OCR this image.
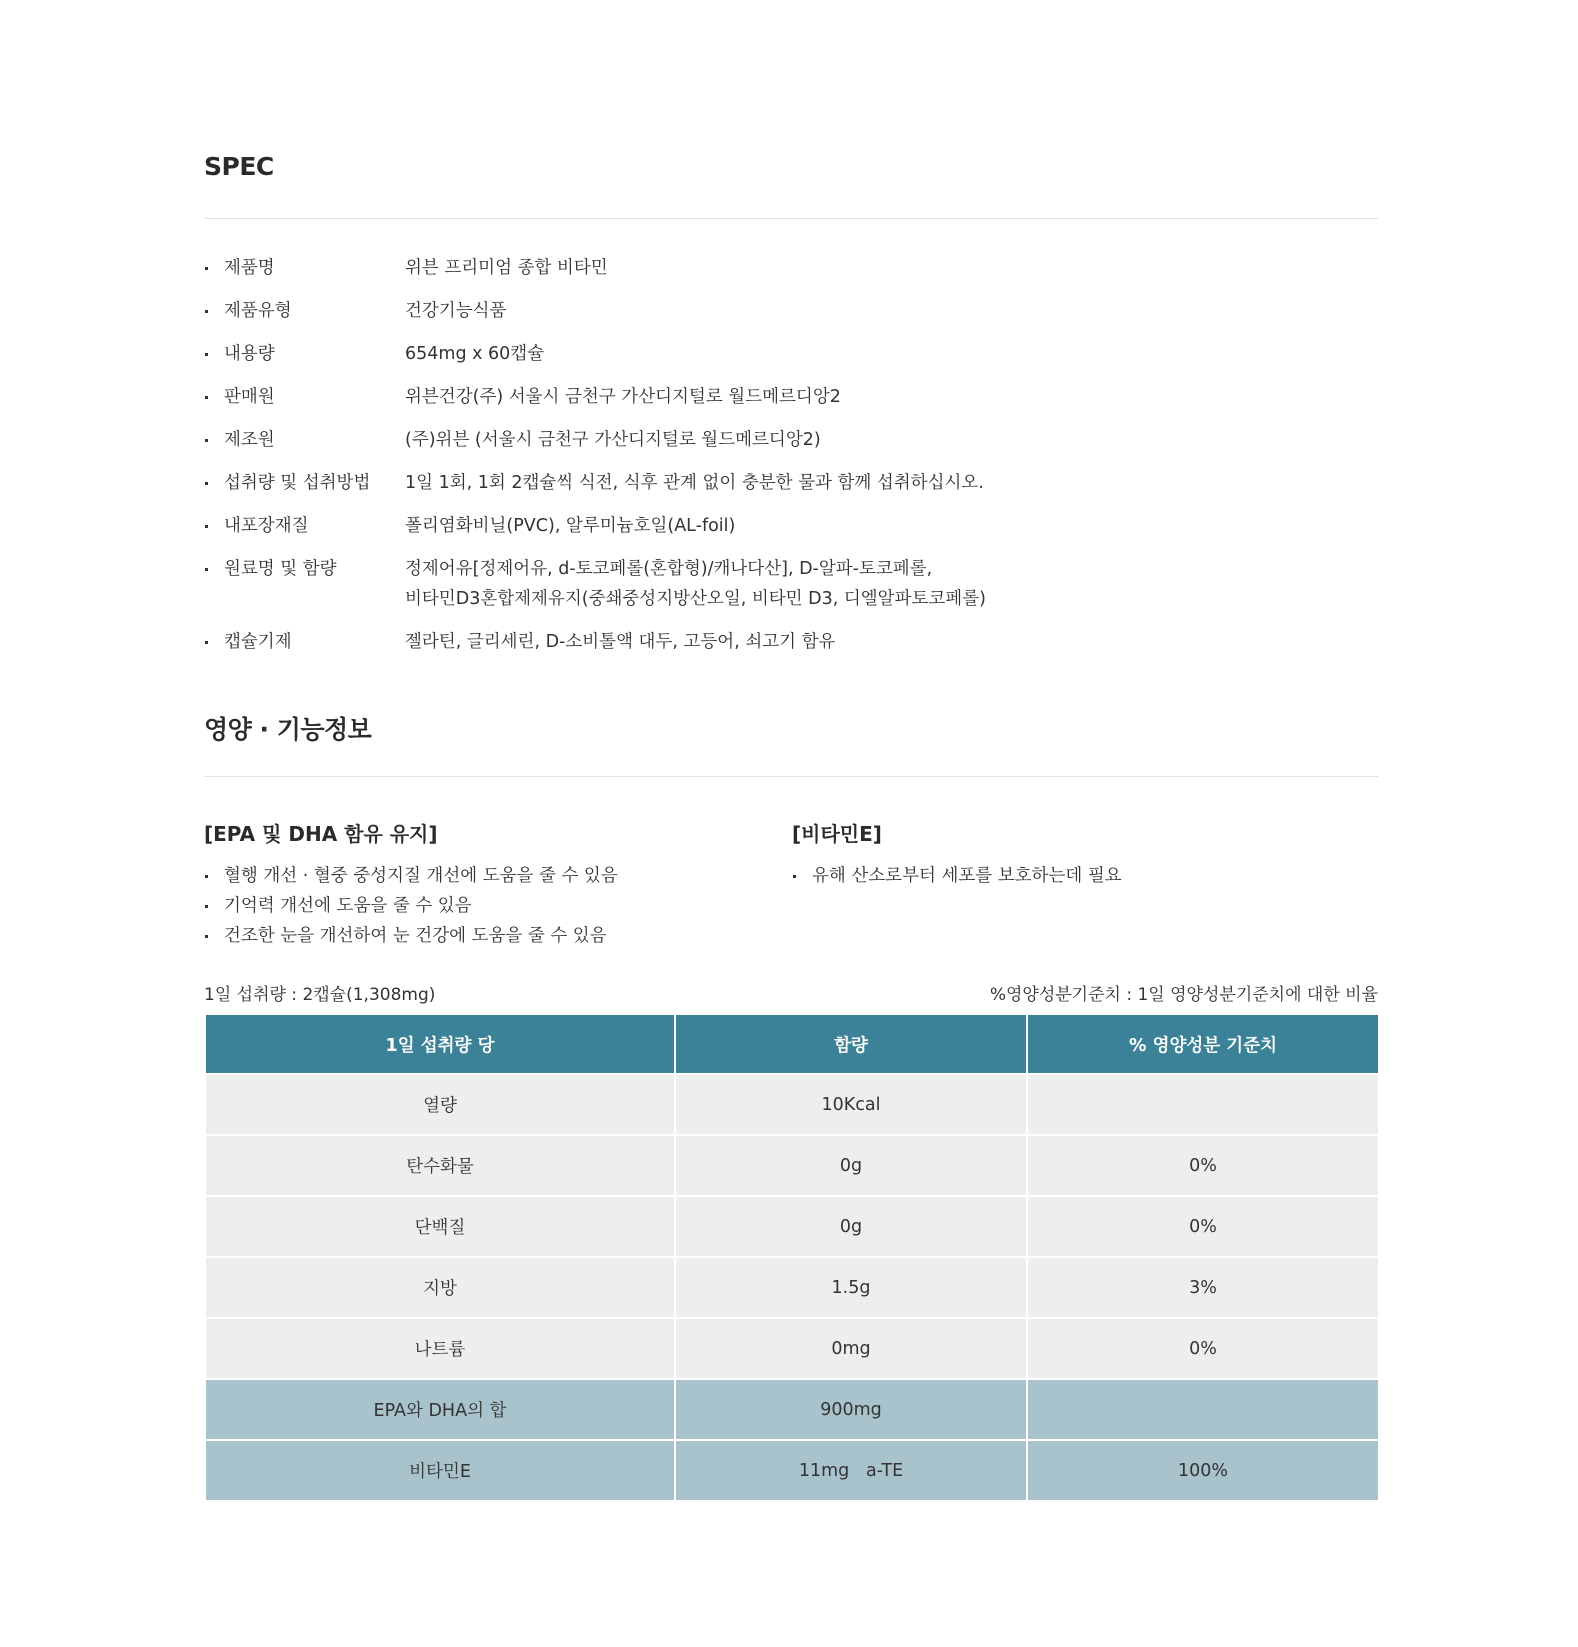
SPEC
제품명	위븐 프리미엄 종합 비타민
제품유형	건강기능식품
내용량	654mg x 60캡슐
판매원	위븐건강(주) 서울시 금천구 가산디지털로 월드메르디앙2
제조원	(주)위븐 (서울시 금천구 가산디지털로 월드메르디앙2)
섭취량 및 섭취방법	1일 1회, 1회 2캡슐씩 식전, 식후 관계 없이 충분한 물과 함께 섭취하십시오.
내포장재질	폴리염화비닐(PVC), 알루미늄호일(AL-foil)
원료명 및 함량	정제어유[정제어유, d-토코페롤(혼합형)/캐나다산], D-알파-토코페롤,
비타민D3혼합제제유지(중쇄중성지방산오일, 비타민 D3, 디엘알파토코페롤)
캡슐기제	젤라틴, 글리세린, D-소비톨액 대두, 고등어, 쇠고기 함유
영양 · 기능정보
[EPA 및 DHA 함유 유지]
혈행 개선 · 혈중 중성지질 개선에 도움을 줄 수 있음
기억력 개선에 도움을 줄 수 있음
건조한 눈을 개선하여 눈 건강에 도움을 줄 수 있음
[비타민E]
유해 산소로부터 세포를 보호하는데 필요
1일 섭취량 : 2캡슐(1,308mg)	%영양성분기준치 : 1일 영양성분기준치에 대한 비율
1일 섭취량 당	함량	% 영양성분 기준치
열량	10Kcal	
탄수화물	0g	0%
단백질	0g	0%
지방	1.5g	3%
나트륨	0mg	0%
EPA와 DHA의 합	900mg	
비타민E	11mg   a-TE	100%
